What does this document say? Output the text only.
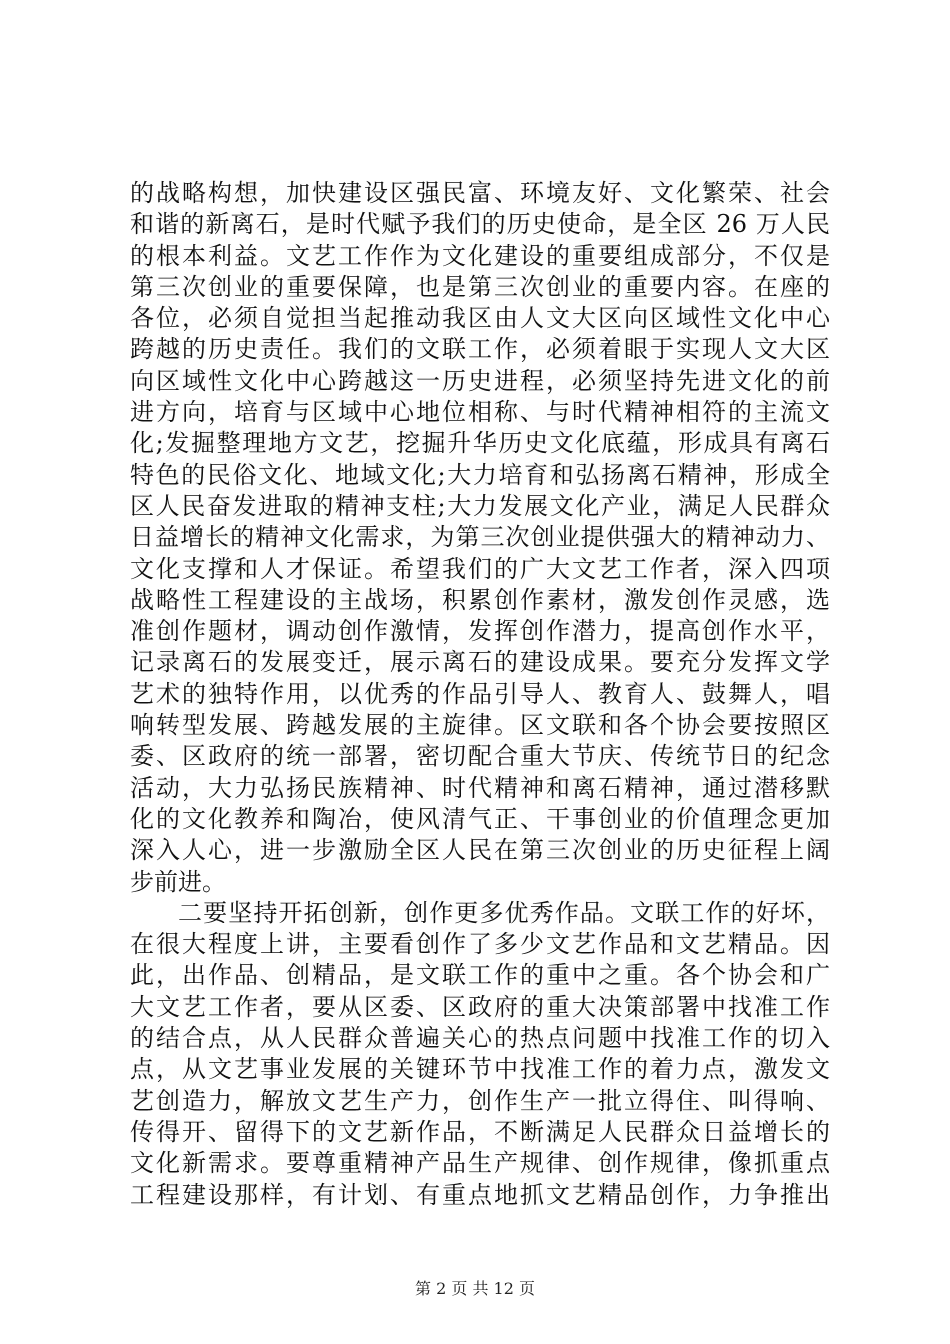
的战略构想，加快建设区强民富、环境友好、文化繁荣、社会
和谐的新离石，是时代赋予我们的历史使命，是全区 26 万人民
的根本利益。文艺工作作为文化建设的重要组成部分，不仅是
第三次创业的重要保障，也是第三次创业的重要内容。在座的
各位，必须自觉担当起推动我区由人文大区向区域性文化中心
跨越的历史责任。我们的文联工作，必须着眼于实现人文大区
向区域性文化中心跨越这一历史进程，必须坚持先进文化的前
进方向，培育与区域中心地位相称、与时代精神相符的主流文
化;发掘整理地方文艺，挖掘升华历史文化底蕴，形成具有离石
特色的民俗文化、地域文化;大力培育和弘扬离石精神，形成全
区人民奋发进取的精神支柱;大力发展文化产业，满足人民群众
日益增长的精神文化需求，为第三次创业提供强大的精神动力、
文化支撑和人才保证。希望我们的广大文艺工作者，深入四项
战略性工程建设的主战场，积累创作素材，激发创作灵感，选
准创作题材，调动创作激情，发挥创作潜力，提高创作水平，
记录离石的发展变迁，展示离石的建设成果。要充分发挥文学
艺术的独特作用，以优秀的作品引导人、教育人、鼓舞人，唱
响转型发展、跨越发展的主旋律。区文联和各个协会要按照区
委、区政府的统一部署，密切配合重大节庆、传统节日的纪念
活动，大力弘扬民族精神、时代精神和离石精神，通过潜移默
化的文化教养和陶冶，使风清气正、干事创业的价值理念更加
深入人心，进一步激励全区人民在第三次创业的历史征程上阔
步前进。
二要坚持开拓创新，创作更多优秀作品。文联工作的好坏，
在很大程度上讲，主要看创作了多少文艺作品和文艺精品。因
此，出作品、创精品，是文联工作的重中之重。各个协会和广
大文艺工作者，要从区委、区政府的重大决策部署中找准工作
的结合点，从人民群众普遍关心的热点问题中找准工作的切入
点，从文艺事业发展的关键环节中找准工作的着力点，激发文
艺创造力，解放文艺生产力，创作生产一批立得住、叫得响、
传得开、留得下的文艺新作品，不断满足人民群众日益增长的
文化新需求。要尊重精神产品生产规律、创作规律，像抓重点
工程建设那样，有计划、有重点地抓文艺精品创作，力争推出
第 2 页 共 12 页
